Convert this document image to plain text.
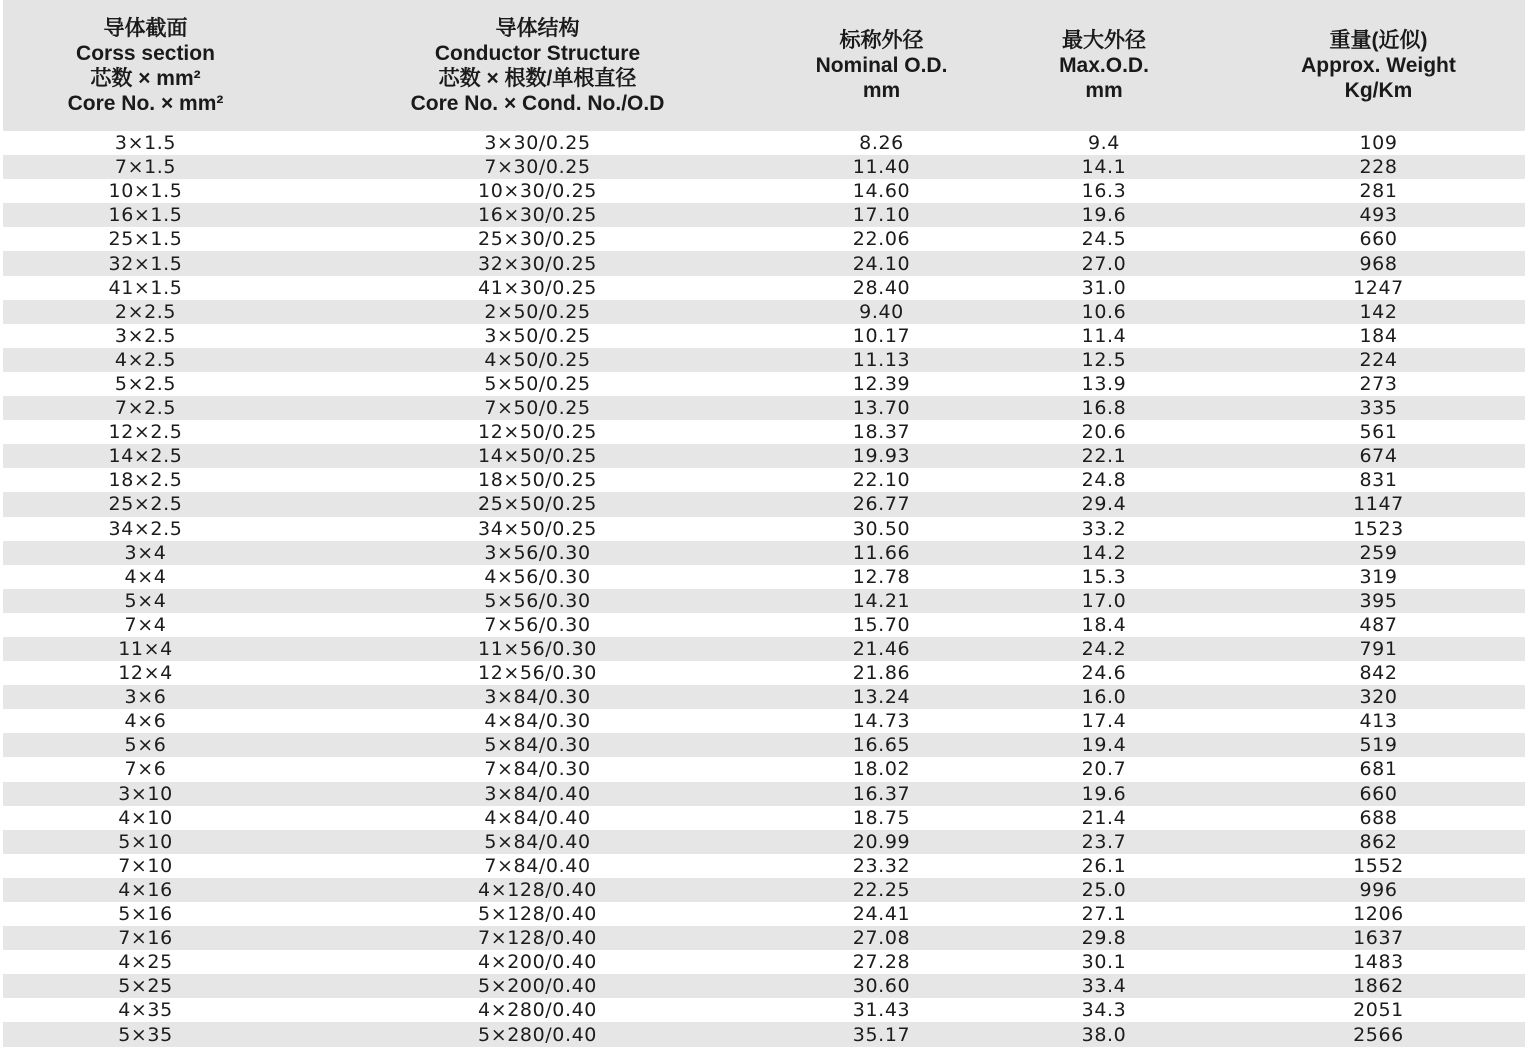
导体截面
Corss section
芯数 × mm²
Core No. × mm²	导体结构
Conductor Structure
芯数 × 根数/单根直径
Core No. × Cond. No./O.D	标称外径
Nominal O.D.
mm	最大外径
Max.O.D.
mm	重量(近似)
Approx. Weight
Kg/Km

3×1.5	3×30/0.25	8.26	9.4	109
7×1.5	7×30/0.25	11.40	14.1	228
10×1.5	10×30/0.25	14.60	16.3	281
16×1.5	16×30/0.25	17.10	19.6	493
25×1.5	25×30/0.25	22.06	24.5	660
32×1.5	32×30/0.25	24.10	27.0	968
41×1.5	41×30/0.25	28.40	31.0	1247
2×2.5	2×50/0.25	9.40	10.6	142
3×2.5	3×50/0.25	10.17	11.4	184
4×2.5	4×50/0.25	11.13	12.5	224
5×2.5	5×50/0.25	12.39	13.9	273
7×2.5	7×50/0.25	13.70	16.8	335
12×2.5	12×50/0.25	18.37	20.6	561
14×2.5	14×50/0.25	19.93	22.1	674
18×2.5	18×50/0.25	22.10	24.8	831
25×2.5	25×50/0.25	26.77	29.4	1147
34×2.5	34×50/0.25	30.50	33.2	1523
3×4	3×56/0.30	11.66	14.2	259
4×4	4×56/0.30	12.78	15.3	319
5×4	5×56/0.30	14.21	17.0	395
7×4	7×56/0.30	15.70	18.4	487
11×4	11×56/0.30	21.46	24.2	791
12×4	12×56/0.30	21.86	24.6	842
3×6	3×84/0.30	13.24	16.0	320
4×6	4×84/0.30	14.73	17.4	413
5×6	5×84/0.30	16.65	19.4	519
7×6	7×84/0.30	18.02	20.7	681
3×10	3×84/0.40	16.37	19.6	660
4×10	4×84/0.40	18.75	21.4	688
5×10	5×84/0.40	20.99	23.7	862
7×10	7×84/0.40	23.32	26.1	1552
4×16	4×128/0.40	22.25	25.0	996
5×16	5×128/0.40	24.41	27.1	1206
7×16	7×128/0.40	27.08	29.8	1637
4×25	4×200/0.40	27.28	30.1	1483
5×25	5×200/0.40	30.60	33.4	1862
4×35	4×280/0.40	31.43	34.3	2051
5×35	5×280/0.40	35.17	38.0	2566
